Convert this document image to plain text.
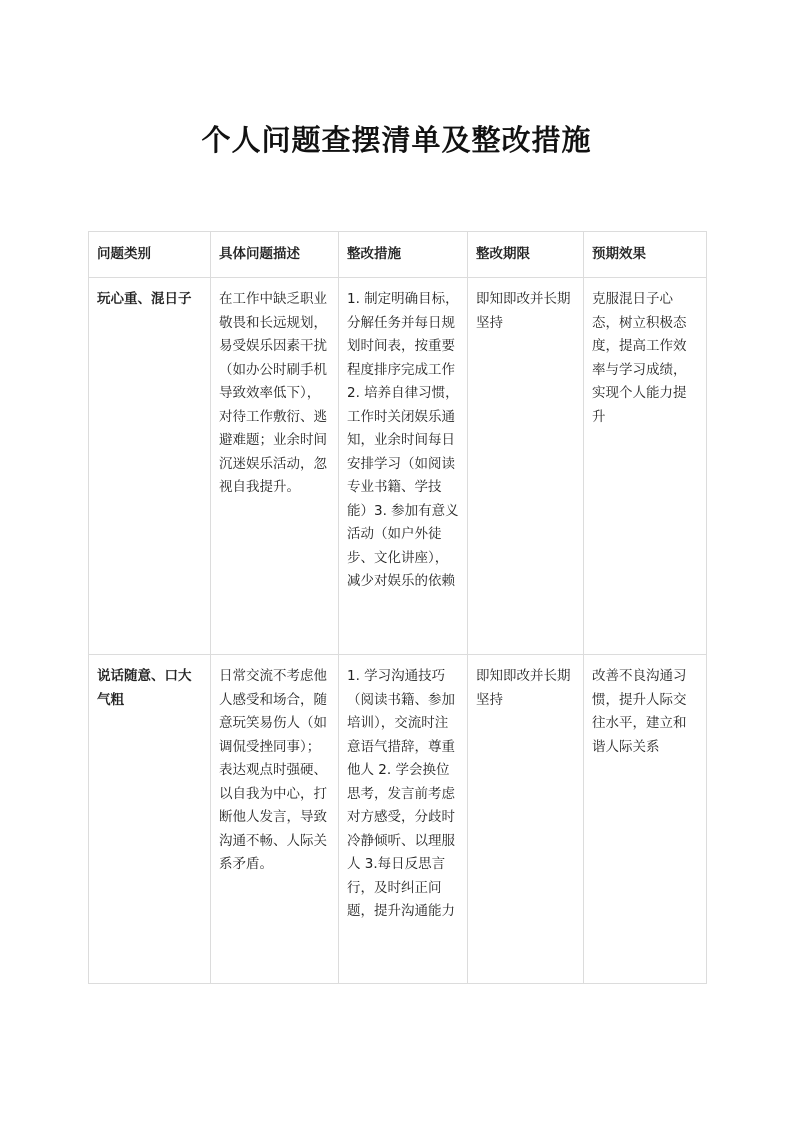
个人问题查摆清单及整改措施
问题类别	具体问题描述	整改措施	整改期限	预期效果
玩心重、混日子	在工作中缺乏职业敬畏和长远规划，易受娱乐因素干扰（如办公时刷手机导致效率低下），对待工作敷衍、逃避难题；业余时间沉迷娱乐活动，忽视自我提升。	1. 制定明确目标，分解任务并每日规划时间表，按重要程度排序完成工作 2. 培养自律习惯，工作时关闭娱乐通知，业余时间每日安排学习（如阅读专业书籍、学技能）3. 参加有意义活动（如户外徒步、文化讲座），减少对娱乐的依赖	即知即改并长期坚持	克服混日子心态，树立积极态度，提高工作效率与学习成绩，实现个人能力提升
说话随意、口大气粗	日常交流不考虑他人感受和场合，随意玩笑易伤人（如调侃受挫同事）；表达观点时强硬、以自我为中心，打断他人发言，导致沟通不畅、人际关系矛盾。	1. 学习沟通技巧（阅读书籍、参加培训），交流时注意语气措辞，尊重他人 2. 学会换位思考，发言前考虑对方感受，分歧时冷静倾听、以理服人 3.每日反思言行，及时纠正问题，提升沟通能力	即知即改并长期坚持	改善不良沟通习惯，提升人际交往水平，建立和谐人际关系
